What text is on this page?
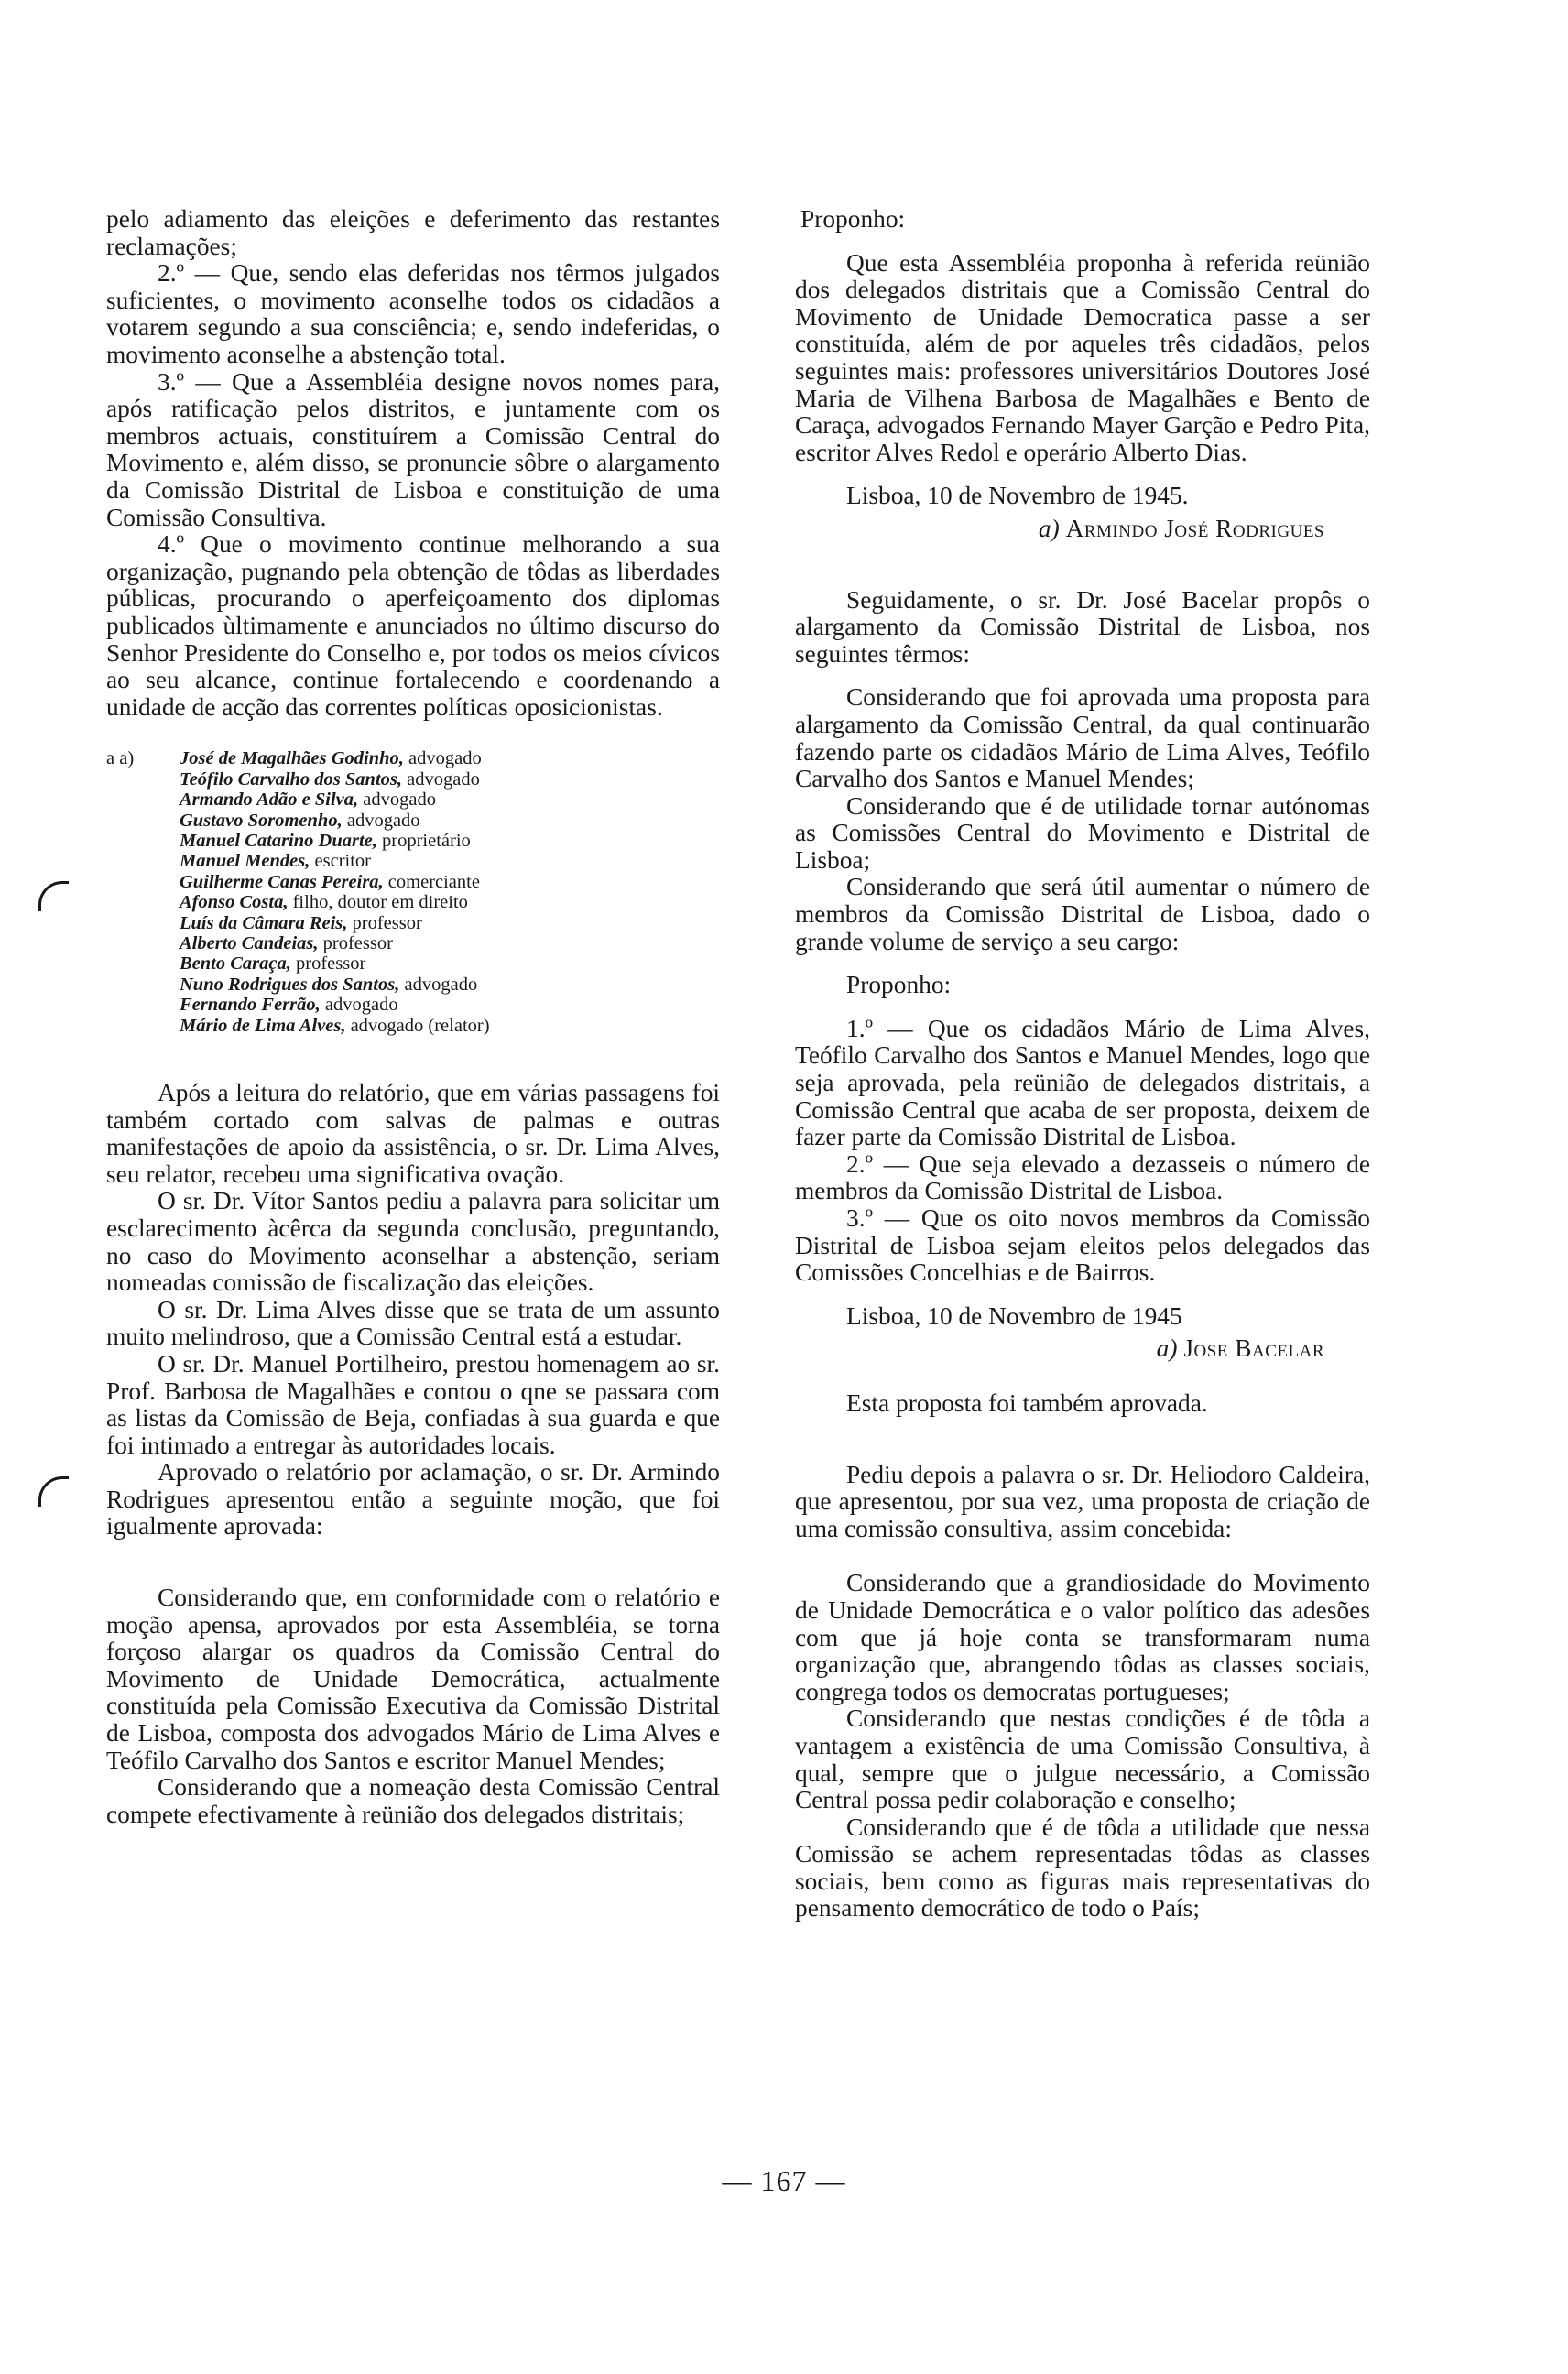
pelo adiamento das eleições e deferimento das restantes reclamações;

2.º — Que, sendo elas deferidas nos têrmos julgados suficientes, o movimento aconselhe todos os cidadãos a votarem segundo a sua consciência; e, sendo indeferidas, o movimento aconselhe a abstenção total.

3.º — Que a Assembléia designe novos nomes para, após ratificação pelos distritos, e juntamente com os membros actuais, constituírem a Comissão Central do Movimento e, além disso, se pronuncie sôbre o alargamento da Comissão Distrital de Lisboa e constituição de uma Comissão Consultiva.

4.º Que o movimento continue melhorando a sua organização, pugnando pela obtenção de tôdas as liberdades públicas, procurando o aperfeiçoamento dos diplomas publicados ùltimamente e anunciados no último discurso do Senhor Presidente do Conselho e, por todos os meios cívicos ao seu alcance, continue fortalecendo e coordenando a unidade de acção das correntes políticas oposicionistas.

a a)	José de Magalhães Godinho, advogado
Teófilo Carvalho dos Santos, advogado
Armando Adão e Silva, advogado
Gustavo Soromenho, advogado
Manuel Catarino Duarte, proprietário
Manuel Mendes, escritor
Guilherme Canas Pereira, comerciante
Afonso Costa, filho, doutor em direito
Luís da Câmara Reis, professor
Alberto Candeias, professor
Bento Caraça, professor
Nuno Rodrigues dos Santos, advogado
Fernando Ferrão, advogado
Mário de Lima Alves, advogado (relator)

Após a leitura do relatório, que em várias passagens foi também cortado com salvas de palmas e outras manifestações de apoio da assistência, o sr. Dr. Lima Alves, seu relator, recebeu uma significativa ovação.

O sr. Dr. Vítor Santos pediu a palavra para solicitar um esclarecimento àcêrca da segunda conclusão, preguntando, no caso do Movimento aconselhar a abstenção, seriam nomeadas comissão de fiscalização das eleições.

O sr. Dr. Lima Alves disse que se trata de um assunto muito melindroso, que a Comissão Central está a estudar.

O sr. Dr. Manuel Portilheiro, prestou homenagem ao sr. Prof. Barbosa de Magalhães e contou o qne se passara com as listas da Comissão de Beja, confiadas à sua guarda e que foi intimado a entregar às autoridades locais.

Aprovado o relatório por aclamação, o sr. Dr. Armindo Rodrigues apresentou então a seguinte moção, que foi igualmente aprovada:

Considerando que, em conformidade com o relatório e moção apensa, aprovados por esta Assembléia, se torna forçoso alargar os quadros da Comissão Central do Movimento de Unidade Democrática, actualmente constituída pela Comissão Executiva da Comissão Distrital de Lisboa, composta dos advogados Mário de Lima Alves e Teófilo Carvalho dos Santos e escritor Manuel Mendes;

Considerando que a nomeação desta Comissão Central compete efectivamente à reünião dos delegados distritais;

Proponho:

Que esta Assembléia proponha à referida reünião dos delegados distritais que a Comissão Central do Movimento de Unidade Democratica passe a ser constituída, além de por aqueles três cidadãos, pelos seguintes mais: professores universitários Doutores José Maria de Vilhena Barbosa de Magalhães e Bento de Caraça, advogados Fernando Mayer Garção e Pedro Pita, escritor Alves Redol e operário Alberto Dias.

Lisboa, 10 de Novembro de 1945.

a) Armindo José Rodrigues

Seguidamente, o sr. Dr. José Bacelar propôs o alargamento da Comissão Distrital de Lisboa, nos seguintes têrmos:

Considerando que foi aprovada uma proposta para alargamento da Comissão Central, da qual continuarão fazendo parte os cidadãos Mário de Lima Alves, Teófilo Carvalho dos Santos e Manuel Mendes;

Considerando que é de utilidade tornar autónomas as Comissões Central do Movimento e Distrital de Lisboa;

Considerando que será útil aumentar o número de membros da Comissão Distrital de Lisboa, dado o grande volume de serviço a seu cargo:

Proponho:

1.º — Que os cidadãos Mário de Lima Alves, Teófilo Carvalho dos Santos e Manuel Mendes, logo que seja aprovada, pela reünião de delegados distritais, a Comissão Central que acaba de ser proposta, deixem de fazer parte da Comissão Distrital de Lisboa.

2.º — Que seja elevado a dezasseis o número de membros da Comissão Distrital de Lisboa.

3.º — Que os oito novos membros da Comissão Distrital de Lisboa sejam eleitos pelos delegados das Comissões Concelhias e de Bairros.

Lisboa, 10 de Novembro de 1945

a) Jose Bacelar

Esta proposta foi também aprovada.

Pediu depois a palavra o sr. Dr. Heliodoro Caldeira, que apresentou, por sua vez, uma proposta de criação de uma comissão consultiva, assim concebida:

Considerando que a grandiosidade do Movimento de Unidade Democrática e o valor político das adesões com que já hoje conta se transformaram numa organização que, abrangendo tôdas as classes sociais, congrega todos os democratas portugueses;

Considerando que nestas condições é de tôda a vantagem a existência de uma Comissão Consultiva, à qual, sempre que o julgue necessário, a Comissão Central possa pedir colaboração e conselho;

Considerando que é de tôda a utilidade que nessa Comissão se achem representadas tôdas as classes sociais, bem como as figuras mais representativas do pensamento democrático de todo o País;

— 167 —
